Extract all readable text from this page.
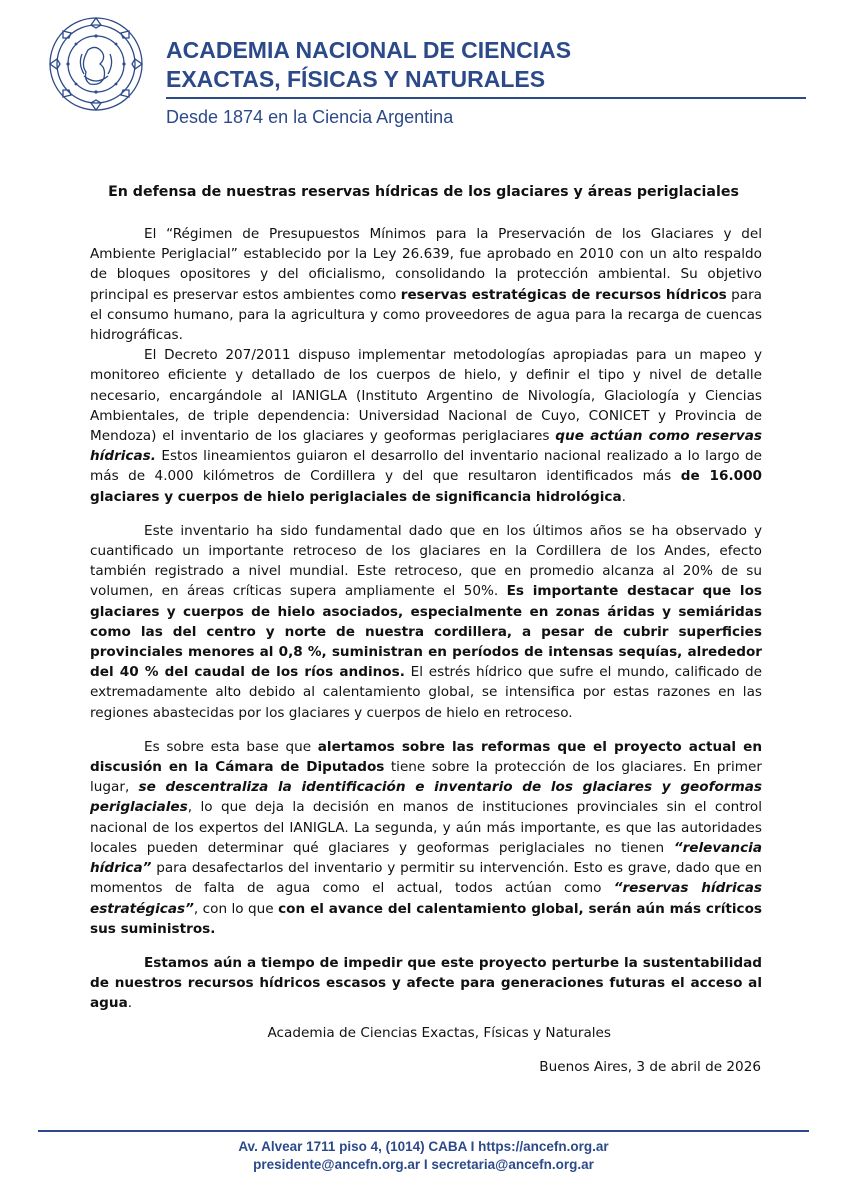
ACADEMIA NACIONAL DE CIENCIAS
EXACTAS, FÍSICAS Y NATURALES
Desde 1874 en la Ciencia Argentina
En defensa de nuestras reservas hídricas de los glaciares y áreas periglaciales

El “Régimen de Presupuestos Mínimos para la Preservación de los Glaciares y del Ambiente Periglacial” establecido por la Ley 26.639, fue aprobado en 2010 con un alto respaldo de bloques opositores y del oficialismo, consolidando la protección ambiental. Su objetivo principal es preservar estos ambientes como reservas estratégicas de recursos hídricos para el consumo humano, para la agricultura y como proveedores de agua para la recarga de cuencas hidrográficas.

El Decreto 207/2011 dispuso implementar metodologías apropiadas para un mapeo y monitoreo eficiente y detallado de los cuerpos de hielo, y definir el tipo y nivel de detalle necesario, encargándole al IANIGLA (Instituto Argentino de Nivología, Glaciología y Ciencias Ambientales, de triple dependencia: Universidad Nacional de Cuyo, CONICET y Provincia de Mendoza) el inventario de los glaciares y geoformas periglaciares que actúan como reservas hídricas. Estos lineamientos guiaron el desarrollo del inventario nacional realizado a lo largo de más de 4.000 kilómetros de Cordillera y del que resultaron identificados más de 16.000 glaciares y cuerpos de hielo periglaciales de significancia hidrológica.

Este inventario ha sido fundamental dado que en los últimos años se ha observado y cuantificado un importante retroceso de los glaciares en la Cordillera de los Andes, efecto también registrado a nivel mundial. Este retroceso, que en promedio alcanza al 20% de su volumen, en áreas críticas supera ampliamente el 50%. Es importante destacar que los glaciares y cuerpos de hielo asociados, especialmente en zonas áridas y semiáridas como las del centro y norte de nuestra cordillera, a pesar de cubrir superficies provinciales menores al 0,8 %, suministran en períodos de intensas sequías, alrededor del 40 % del caudal de los ríos andinos. El estrés hídrico que sufre el mundo, calificado de extremadamente alto debido al calentamiento global, se intensifica por estas razones en las regiones abastecidas por los glaciares y cuerpos de hielo en retroceso.

Es sobre esta base que alertamos sobre las reformas que el proyecto actual en discusión en la Cámara de Diputados tiene sobre la protección de los glaciares. En primer lugar, se descentraliza la identificación e inventario de los glaciares y geoformas periglaciales, lo que deja la decisión en manos de instituciones provinciales sin el control nacional de los expertos del IANIGLA. La segunda, y aún más importante, es que las autoridades locales pueden determinar qué glaciares y geoformas periglaciales no tienen “relevancia hídrica” para desafectarlos del inventario y permitir su intervención. Esto es grave, dado que en momentos de falta de agua como el actual, todos actúan como “reservas hídricas estratégicas”, con lo que con el avance del calentamiento global, serán aún más críticos sus suministros.

Estamos aún a tiempo de impedir que este proyecto perturbe la sustentabilidad de nuestros recursos hídricos escasos y afecte para generaciones futuras el acceso al agua.

Academia de Ciencias Exactas, Físicas y Naturales
Buenos Aires, 3 de abril de 2026
Av. Alvear 1711 piso 4, (1014) CABA I https://ancefn.org.ar
presidente@ancefn.org.ar I secretaria@ancefn.org.ar
